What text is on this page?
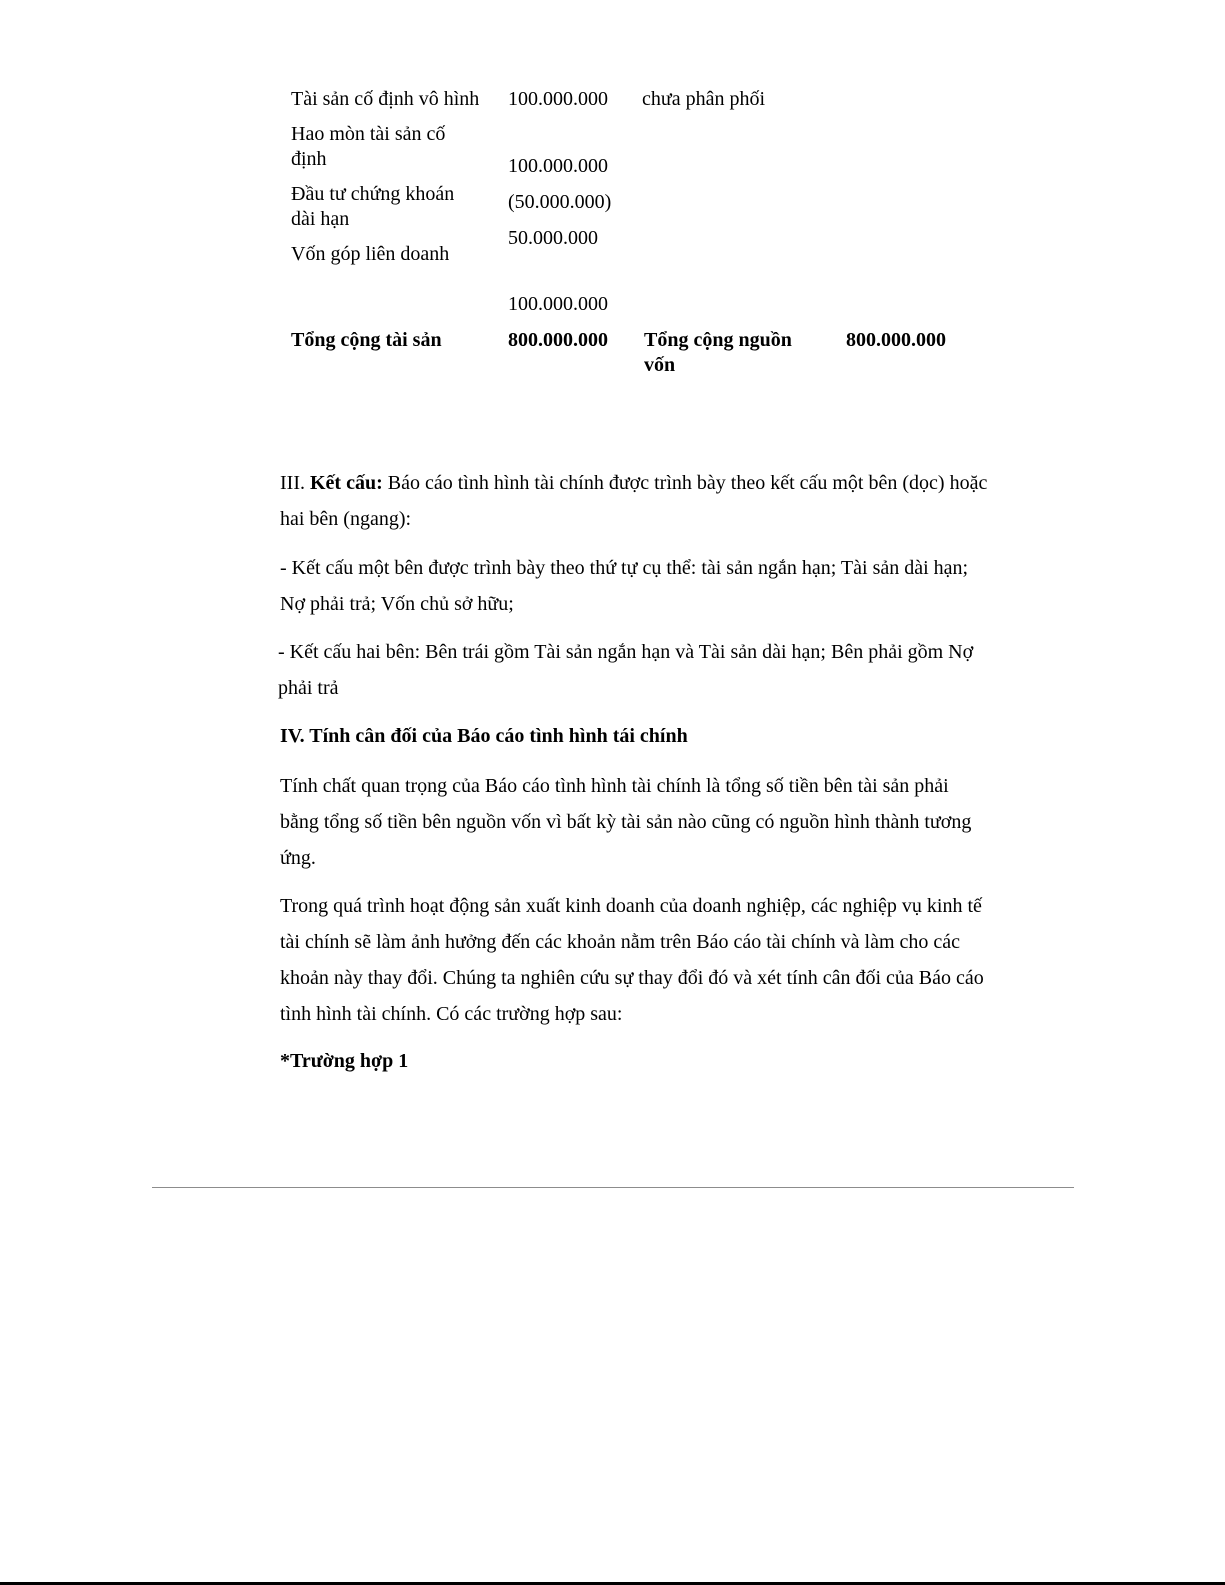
Tài sản cố định vô hình 100.000.000 chưa phân phối
Hao mòn tài sản cố
định	100.000.000
Đầu tư chứng khoán
dài hạn
(50.000.000)
50.000.000
Vốn góp liên doanh
100.000.000
Tổng cộng tài sản	800.000.000 Tổng cộng nguồn
vốn
800.000.000
III. Kết cấu: Báo cáo tình hình tài chính được trình bày theo kết cấu một bên (dọc) hoặc hai bên (ngang):
- Kết cấu một bên được trình bày theo thứ tự cụ thể: tài sản ngắn hạn; Tài sản dài hạn; Nợ phải trả; Vốn chủ sở hữu;
- Kết cấu hai bên: Bên trái gồm Tài sản ngắn hạn và Tài sản dài hạn; Bên phải gồm Nợ phải trả
IV. Tính cân đối của Báo cáo tình hình tái chính
Tính chất quan trọng của Báo cáo tình hình tài chính là tổng số tiền bên tài sản phải bằng tổng số tiền bên nguồn vốn vì bất kỳ tài sản nào cũng có nguồn hình thành tương ứng.
Trong quá trình hoạt động sản xuất kinh doanh của doanh nghiệp, các nghiệp vụ kinh tế tài chính sẽ làm ảnh hưởng đến các khoản nằm trên Báo cáo tài chính và làm cho các khoản này thay đổi. Chúng ta nghiên cứu sự thay đổi đó và xét tính cân đối của Báo cáo tình hình tài chính. Có các trường hợp sau:
*Trường hợp 1
